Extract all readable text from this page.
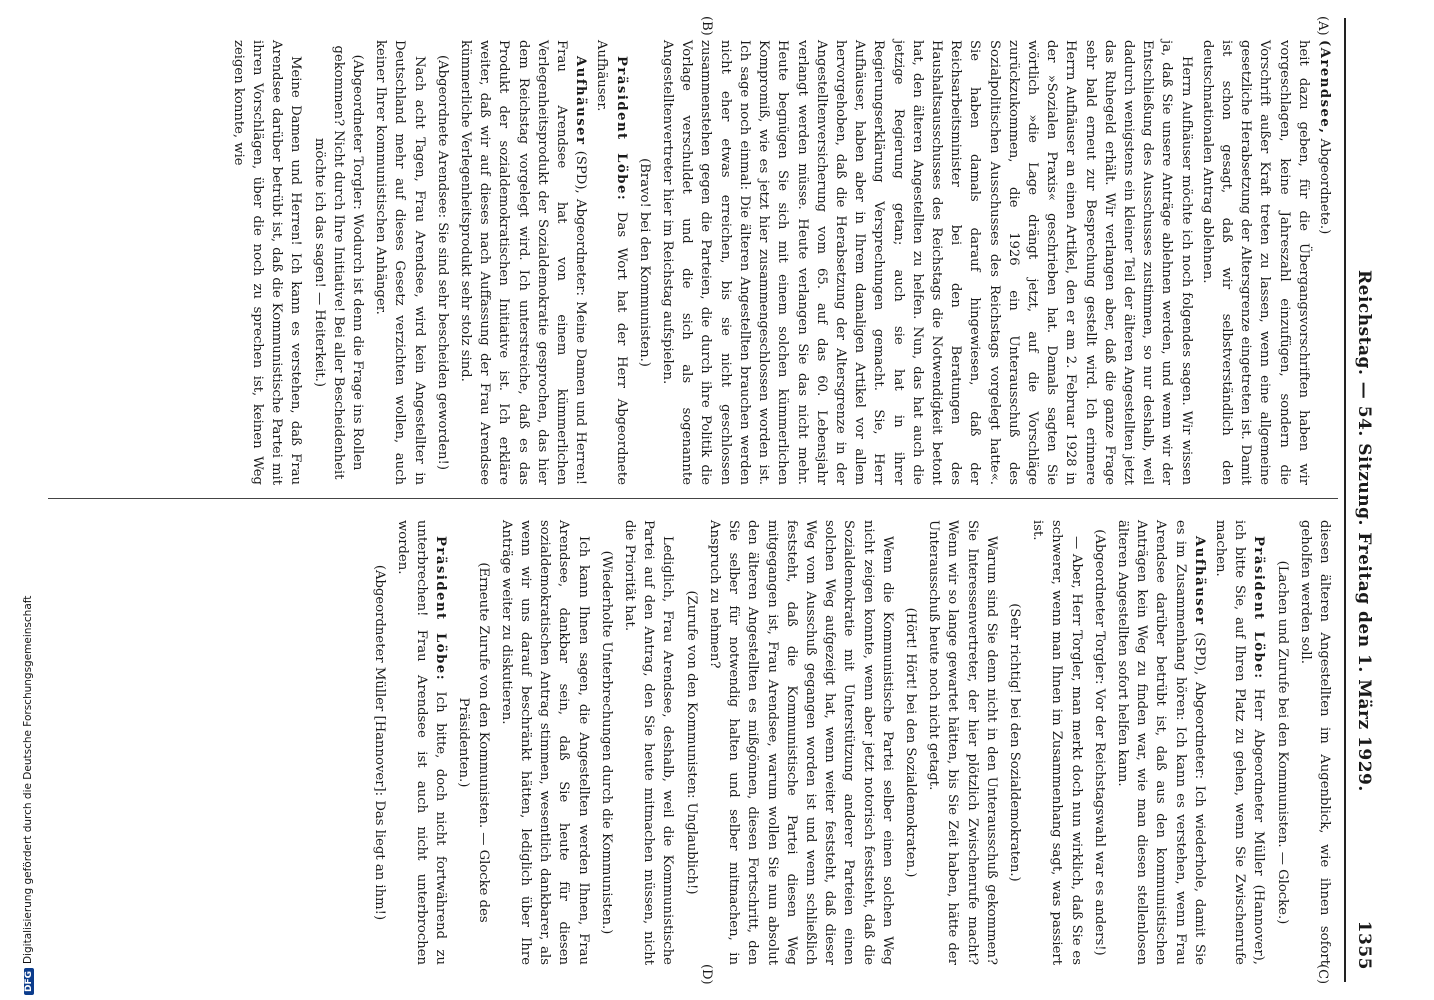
Reichstag. — 54. Sitzung. Freitag den 1. März 1929.
1355
(A)
(B)
(C)
(D)

(Arendsee, Abgeordnete.)

heit dazu geben, für die Übergangsvorschriften haben wir vorgeschlagen, keine Jahreszahl einzufügen, sondern die Vorschrift außer Kraft treten zu lassen, wenn eine allgemeine gesetzliche Herabsetzung der Altersgrenze eingetreten ist. Damit ist schon gesagt, daß wir selbstverständlich den deutschnationalen Antrag ablehnen.

Herrn Aufhäuser möchte ich noch folgendes sagen. Wir wissen ja, daß Sie unsere Anträge ablehnen werden, und wenn wir der Entschließung des Ausschusses zustimmen, so nur deshalb, weil dadurch wenigstens ein kleiner Teil der älteren Angestellten jetzt das Ruhegeld erhält. Wir verlangen aber, daß die ganze Frage sehr bald erneut zur Besprechung gestellt wird. Ich erinnere Herrn Aufhäuser an einen Artikel, den er am 2. Februar 1928 in der »Sozialen Praxis« geschrieben hat. Damals sagten Sie wörtlich »die Lage drängt jetzt, auf die Vorschläge zurückzukommen, die 1926 ein Unterausschuß des Sozialpolitischen Ausschusses des Reichstags vorgelegt hatte«. Sie haben damals darauf hingewiesen, daß der Reichsarbeitsminister bei den Beratungen des Haushaltsausschusses des Reichstags die Notwendigkeit betont hat, den älteren Angestellten zu helfen. Nun, das hat auch die jetzige Regierung getan; auch sie hat in ihrer Regierungserklärung Versprechungen gemacht. Sie, Herr Aufhäuser, haben aber in Ihrem damaligen Artikel vor allem hervorgehoben, daß die Herabsetzung der Altersgrenze in der Angestelltenversicherung vom 65. auf das 60. Lebensjahr verlangt werden müsse. Heute verlangen Sie das nicht mehr. Heute begnügen Sie sich mit einem solchen kümmerlichen Kompromiß, wie es jetzt hier zusammengeschlossen worden ist. Ich sage noch einmal: Die älteren Angestellten brauchen werden nicht eher etwas erreichen, bis sie nicht geschlossen zusammenstehen gegen die Parteien, die durch ihre Politik die Vorlage verschuldet und die sich als sogenannte Angestelltenvertreter hier im Reichstag aufspielen.

(Bravo! bei den Kommunisten.)

Präsident Löbe: Das Wort hat der Herr Abgeordnete Aufhäuser.

Aufhäuser (SPD), Abgeordneter: Meine Damen und Herren! Frau Arendsee hat von einem kümmerlichen Verlegenheitsprodukt der Sozialdemokratie gesprochen, das hier dem Reichstag vorgelegt wird. Ich unterstreiche, daß es das Produkt der sozialdemokratischen Initiative ist. Ich erkläre weiter, daß wir auf dieses nach Auffassung der Frau Arendsee kümmerliche Verlegenheitsprodukt sehr stolz sind.

(Abgeordnete Arendsee: Sie sind sehr bescheiden geworden!)

Nach acht Tagen, Frau Arendsee, wird kein Angestellter in Deutschland mehr auf dieses Gesetz verzichten wollen, auch keiner Ihrer kommunistischen Anhänger.

(Abgeordneter Torgler: Wodurch ist denn die Frage ins Rollen gekommen? Nicht durch Ihre Initiative! Bei aller Bescheidenheit möchte ich das sagen! — Heiterkeit.)

Meine Damen und Herren! Ich kann es verstehen, daß Frau Arendsee darüber betrübt ist, daß die Kommunistische Partei mit ihren Vorschlägen, über die noch zu sprechen ist, keinen Weg zeigen konnte, wie

diesen älteren Angestellten im Augenblick, wie ihnen sofort geholfen werden soll.

(Lachen und Zurufe bei den Kommunisten. — Glocke.)

Präsident Löbe: Herr Abgeordneter Müller (Hannover), ich bitte Sie, auf Ihren Platz zu gehen, wenn Sie Zwischenrufe machen.

Aufhäuser (SPD), Abgeordneter: Ich wiederhole, damit Sie es im Zusammenhang hören: Ich kann es verstehen, wenn Frau Arendsee darüber betrübt ist, daß aus den kommunistischen Anträgen kein Weg zu finden war, wie man diesen stellenlosen älteren Angestellten sofort helfen kann.

(Abgeordneter Torgler: Vor der Reichstagswahl war es anders!)

— Aber, Herr Torgler, man merkt doch nun wirklich, daß Sie es schwerer, wenn man Ihnen im Zusammenhang sagt, was passiert ist.

(Sehr richtig! bei den Sozialdemokraten.)

Warum sind Sie denn nicht in den Unterausschuß gekommen? Sie Interessenvertreter, der hier plötzlich Zwischenrufe macht? Wenn wir so lange gewartet hätten, bis Sie Zeit haben, hätte der Unterausschuß heute noch nicht getagt.

(Hört! Hört! bei den Sozialdemokraten.)

Wenn die Kommunistische Partei selber einen solchen Weg nicht zeigen konnte, wenn aber jetzt notorisch feststeht, daß die Sozialdemokratie mit Unterstützung anderer Parteien einen solchen Weg aufgezeigt hat, wenn weiter feststeht, daß dieser Weg vom Ausschuß gegangen worden ist und wenn schließlich feststeht, daß die Kommunistische Partei diesen Weg mitgegangen ist, Frau Arendsee, warum wollen Sie nun absolut den älteren Angestellten es mißgönnen, diesen Fortschritt, den Sie selber für notwendig halten und selber mitmachen, in Anspruch zu nehmen?

(Zurufe von den Kommunisten: Unglaublich!)

Lediglich, Frau Arendsee, deshalb, weil die Kommunistische Partei auf den Antrag, den Sie heute mitmachen müssen, nicht die Priorität hat.

(Wiederholte Unterbrechungen durch die Kommunisten.)

Ich kann Ihnen sagen, die Angestellten werden Ihnen, Frau Arendsee, dankbar sein, daß Sie heute für diesen sozialdemokratischen Antrag stimmen, wesentlich dankbarer, als wenn wir uns darauf beschränkt hätten, lediglich über Ihre Anträge weiter zu diskutieren.

(Erneute Zurufe von den Kommunisten. — Glocke des Präsidenten.)

Präsident Löbe: Ich bitte, doch nicht fortwährend zu unterbrechen! Frau Arendsee ist auch nicht unterbrochen worden.

(Abgeordneter Müller [Hannover]: Das liegt an ihm!)

DFGDigitalisierung gefördert durch die Deutsche Forschungsgemeinschaft
